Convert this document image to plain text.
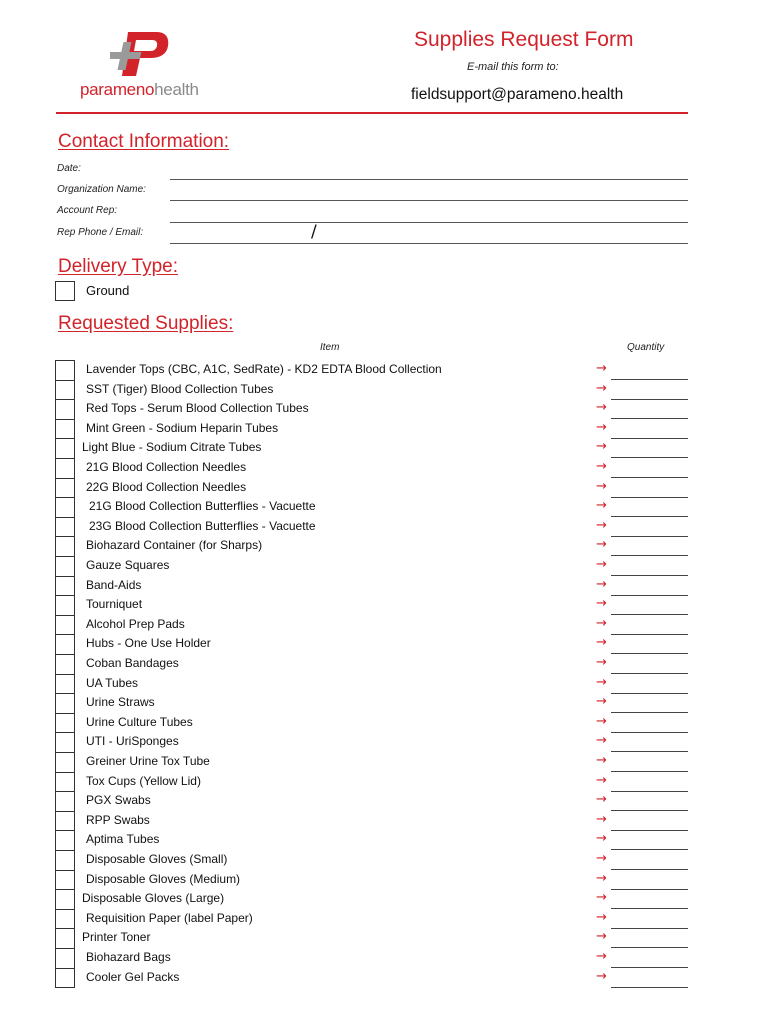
paramenohealth
Supplies Request Form
E-mail this form to:
fieldsupport@parameno.health
Contact Information:
Date:
Organization Name:
Account Rep:
Rep Phone / Email:	/
Delivery Type:
Ground
Requested Supplies:
Item	Quantity
Lavender Tops (CBC, A1C, SedRate) - KD2 EDTA Blood Collection	→
SST (Tiger) Blood Collection Tubes	→
Red Tops - Serum Blood Collection Tubes	→
Mint Green - Sodium Heparin Tubes	→
Light Blue - Sodium Citrate Tubes	→
21G Blood Collection Needles	→
22G Blood Collection Needles	→
21G Blood Collection Butterflies - Vacuette	→
23G Blood Collection Butterflies - Vacuette	→
Biohazard Container (for Sharps)	→
Gauze Squares	→
Band-Aids	→
Tourniquet	→
Alcohol Prep Pads	→
Hubs - One Use Holder	→
Coban Bandages	→
UA Tubes	→
Urine Straws	→
Urine Culture Tubes	→
UTI - UriSponges	→
Greiner Urine Tox Tube	→
Tox Cups (Yellow Lid)	→
PGX Swabs	→
RPP Swabs	→
Aptima Tubes	→
Disposable Gloves (Small)	→
Disposable Gloves (Medium)	→
Disposable Gloves (Large)	→
Requisition Paper (label Paper)	→
Printer Toner	→
Biohazard Bags	→
Cooler Gel Packs	→
